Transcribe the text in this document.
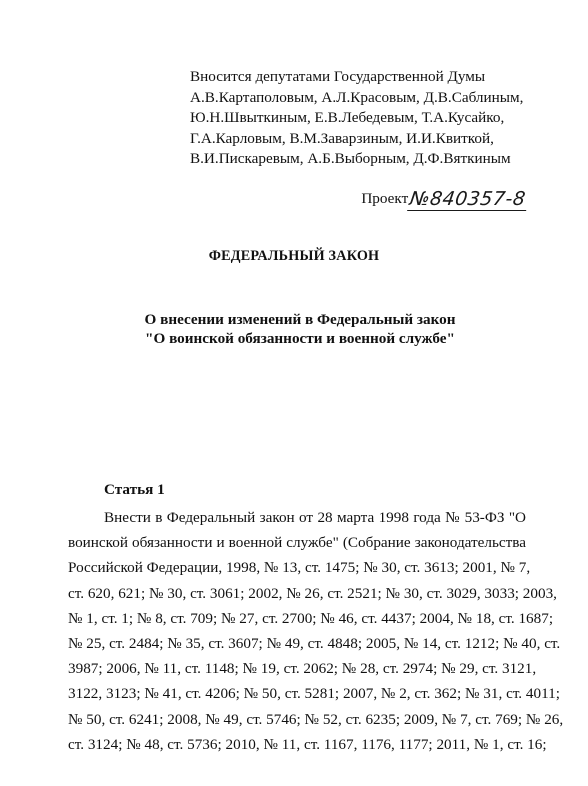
Вносится депутатами Государственной Думы
А.В.Картаполовым, А.Л.Красовым, Д.В.Саблиным,
Ю.Н.Швыткиным, Е.В.Лебедевым, Т.А.Кусайко,
Г.А.Карловым, В.М.Заварзиным, И.И.Квиткой,
В.И.Пискаревым, А.Б.Выборным, Д.Ф.Вяткиным
Проект №840357-8
ФЕДЕРАЛЬНЫЙ ЗАКОН
О внесении изменений в Федеральный закон
"О воинской обязанности и военной службе"
Статья 1
Внести в Федеральный закон от 28 марта 1998 года № 53-ФЗ "О
воинской обязанности и военной службе" (Собрание законодательства
Российской Федерации, 1998, № 13, ст. 1475; № 30, ст. 3613; 2001, № 7,
ст. 620, 621; № 30, ст. 3061; 2002, № 26, ст. 2521; № 30, ст. 3029, 3033; 2003,
№ 1, ст. 1; № 8, ст. 709; № 27, ст. 2700; № 46, ст. 4437; 2004, № 18, ст. 1687;
№ 25, ст. 2484; № 35, ст. 3607; № 49, ст. 4848; 2005, № 14, ст. 1212; № 40, ст.
3987; 2006, № 11, ст. 1148; № 19, ст. 2062; № 28, ст. 2974; № 29, ст. 3121,
3122, 3123; № 41, ст. 4206; № 50, ст. 5281; 2007, № 2, ст. 362; № 31, ст. 4011;
№ 50, ст. 6241; 2008, № 49, ст. 5746; № 52, ст. 6235; 2009, № 7, ст. 769; № 26,
ст. 3124; № 48, ст. 5736; 2010, № 11, ст. 1167, 1176, 1177; 2011, № 1, ст. 16;
